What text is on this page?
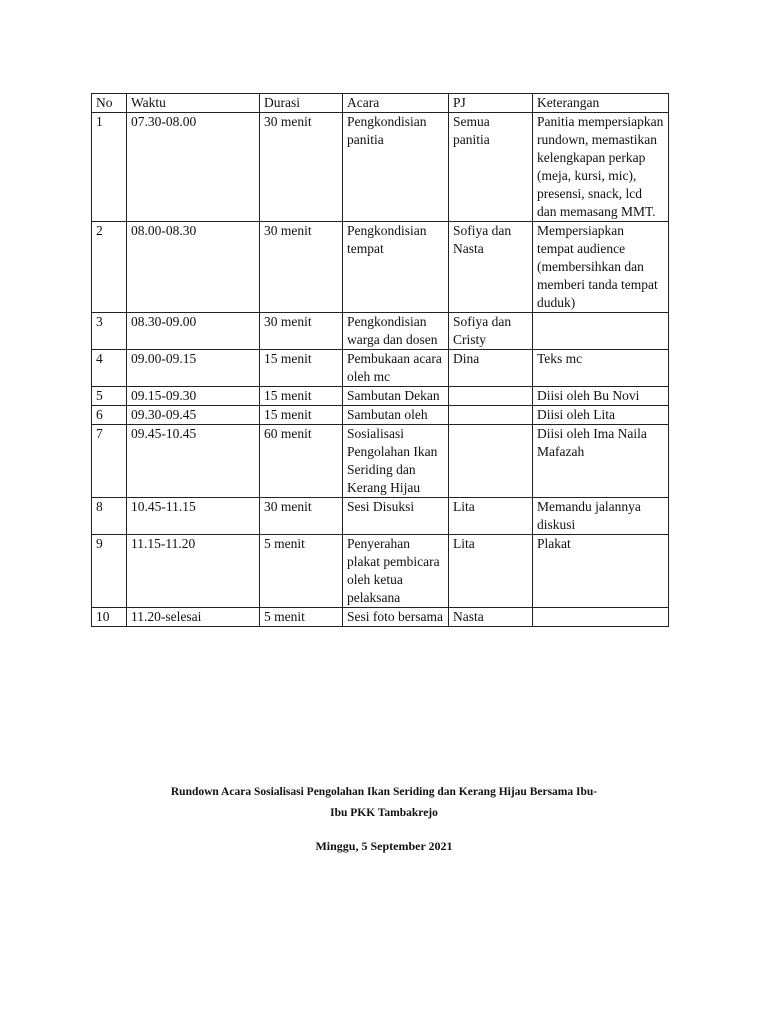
No	Waktu	Durasi	Acara	PJ	Keterangan
1	07.30-08.00	30 menit	Pengkondisian panitia	Semua panitia	Panitia mempersiapkan rundown, memastikan kelengkapan perkap (meja, kursi, mic), presensi, snack, lcd dan memasang MMT.
2	08.00-08.30	30 menit	Pengkondisian tempat	Sofiya dan Nasta	Mempersiapkan tempat audience (membersihkan dan memberi tanda tempat duduk)
3	08.30-09.00	30 menit	Pengkondisian warga dan dosen	Sofiya dan Cristy	
4	09.00-09.15	15 menit	Pembukaan acara oleh mc	Dina	Teks mc
5	09.15-09.30	15 menit	Sambutan Dekan		Diisi oleh Bu Novi
6	09.30-09.45	15 menit	Sambutan oleh		Diisi oleh Lita
7	09.45-10.45	60 menit	Sosialisasi Pengolahan Ikan Seriding dan Kerang Hijau		Diisi oleh Ima Naila Mafazah
8	10.45-11.15	30 menit	Sesi Disuksi	Lita	Memandu jalannya diskusi
9	11.15-11.20	5 menit	Penyerahan plakat pembicara oleh ketua pelaksana	Lita	Plakat
10	11.20-selesai	5 menit	Sesi foto bersama	Nasta	
Rundown Acara Sosialisasi Pengolahan Ikan Seriding dan Kerang Hijau Bersama Ibu-
Ibu PKK Tambakrejo
Minggu, 5 September 2021
